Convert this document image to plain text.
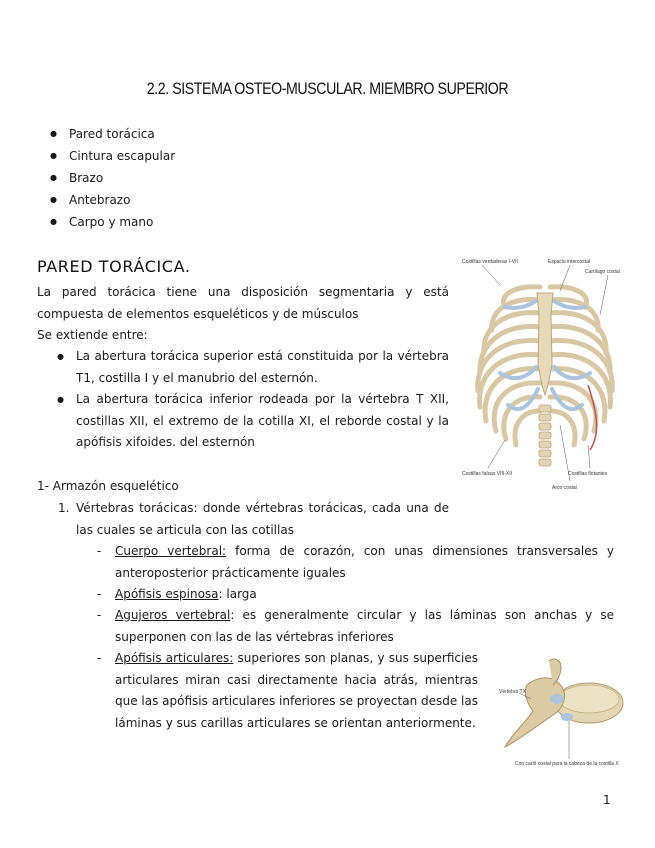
2.2. SISTEMA OSTEO-MUSCULAR. MIEMBRO SUPERIOR
● Pared torácica
● Cintura escapular
● Brazo
● Antebrazo
● Carpo y mano
PARED TORÁCICA.

La pared torácica tiene una disposición segmentaria y está compuesta de elementos esqueléticos y de músculos

Se extiende entre:
● La abertura torácica superior está constituida por la vértebra T1, costilla I y el manubrio del esternón.
● La abertura torácica inferior rodeada por la vértebra T XII, costillas XII, el extremo de la cotilla XI, el reborde costal y la apófisis xifoides. del esternón
1- Armazón esquelético
1. Vértebras torácicas: donde vértebras torácicas, cada una de las cuales se articula con las cotillas
-	Cuerpo vertebral: forma de corazón, con unas dimensiones transversales y anteroposterior prácticamente iguales
-	Apófisis espinosa: larga
-	Agujeros vertebral: es generalmente circular y las láminas son anchas y se superponen con las de las vértebras inferiores
-	Apófisis articulares: superiores son planas, y sus superficies articulares miran casi directamente hacia atrás, mientras que las apófisis articulares inferiores se proyectan desde las láminas y sus carillas articulares se orientan anteriormente.
Costillas verdaderas I-VII	Espacio intercostal
Cartílago costal
Costillas falsas VIII-XII	Costillas flotantes
Arco costal
Vértebra TX
Con carril costal para la cabeza de la costilla X
1
